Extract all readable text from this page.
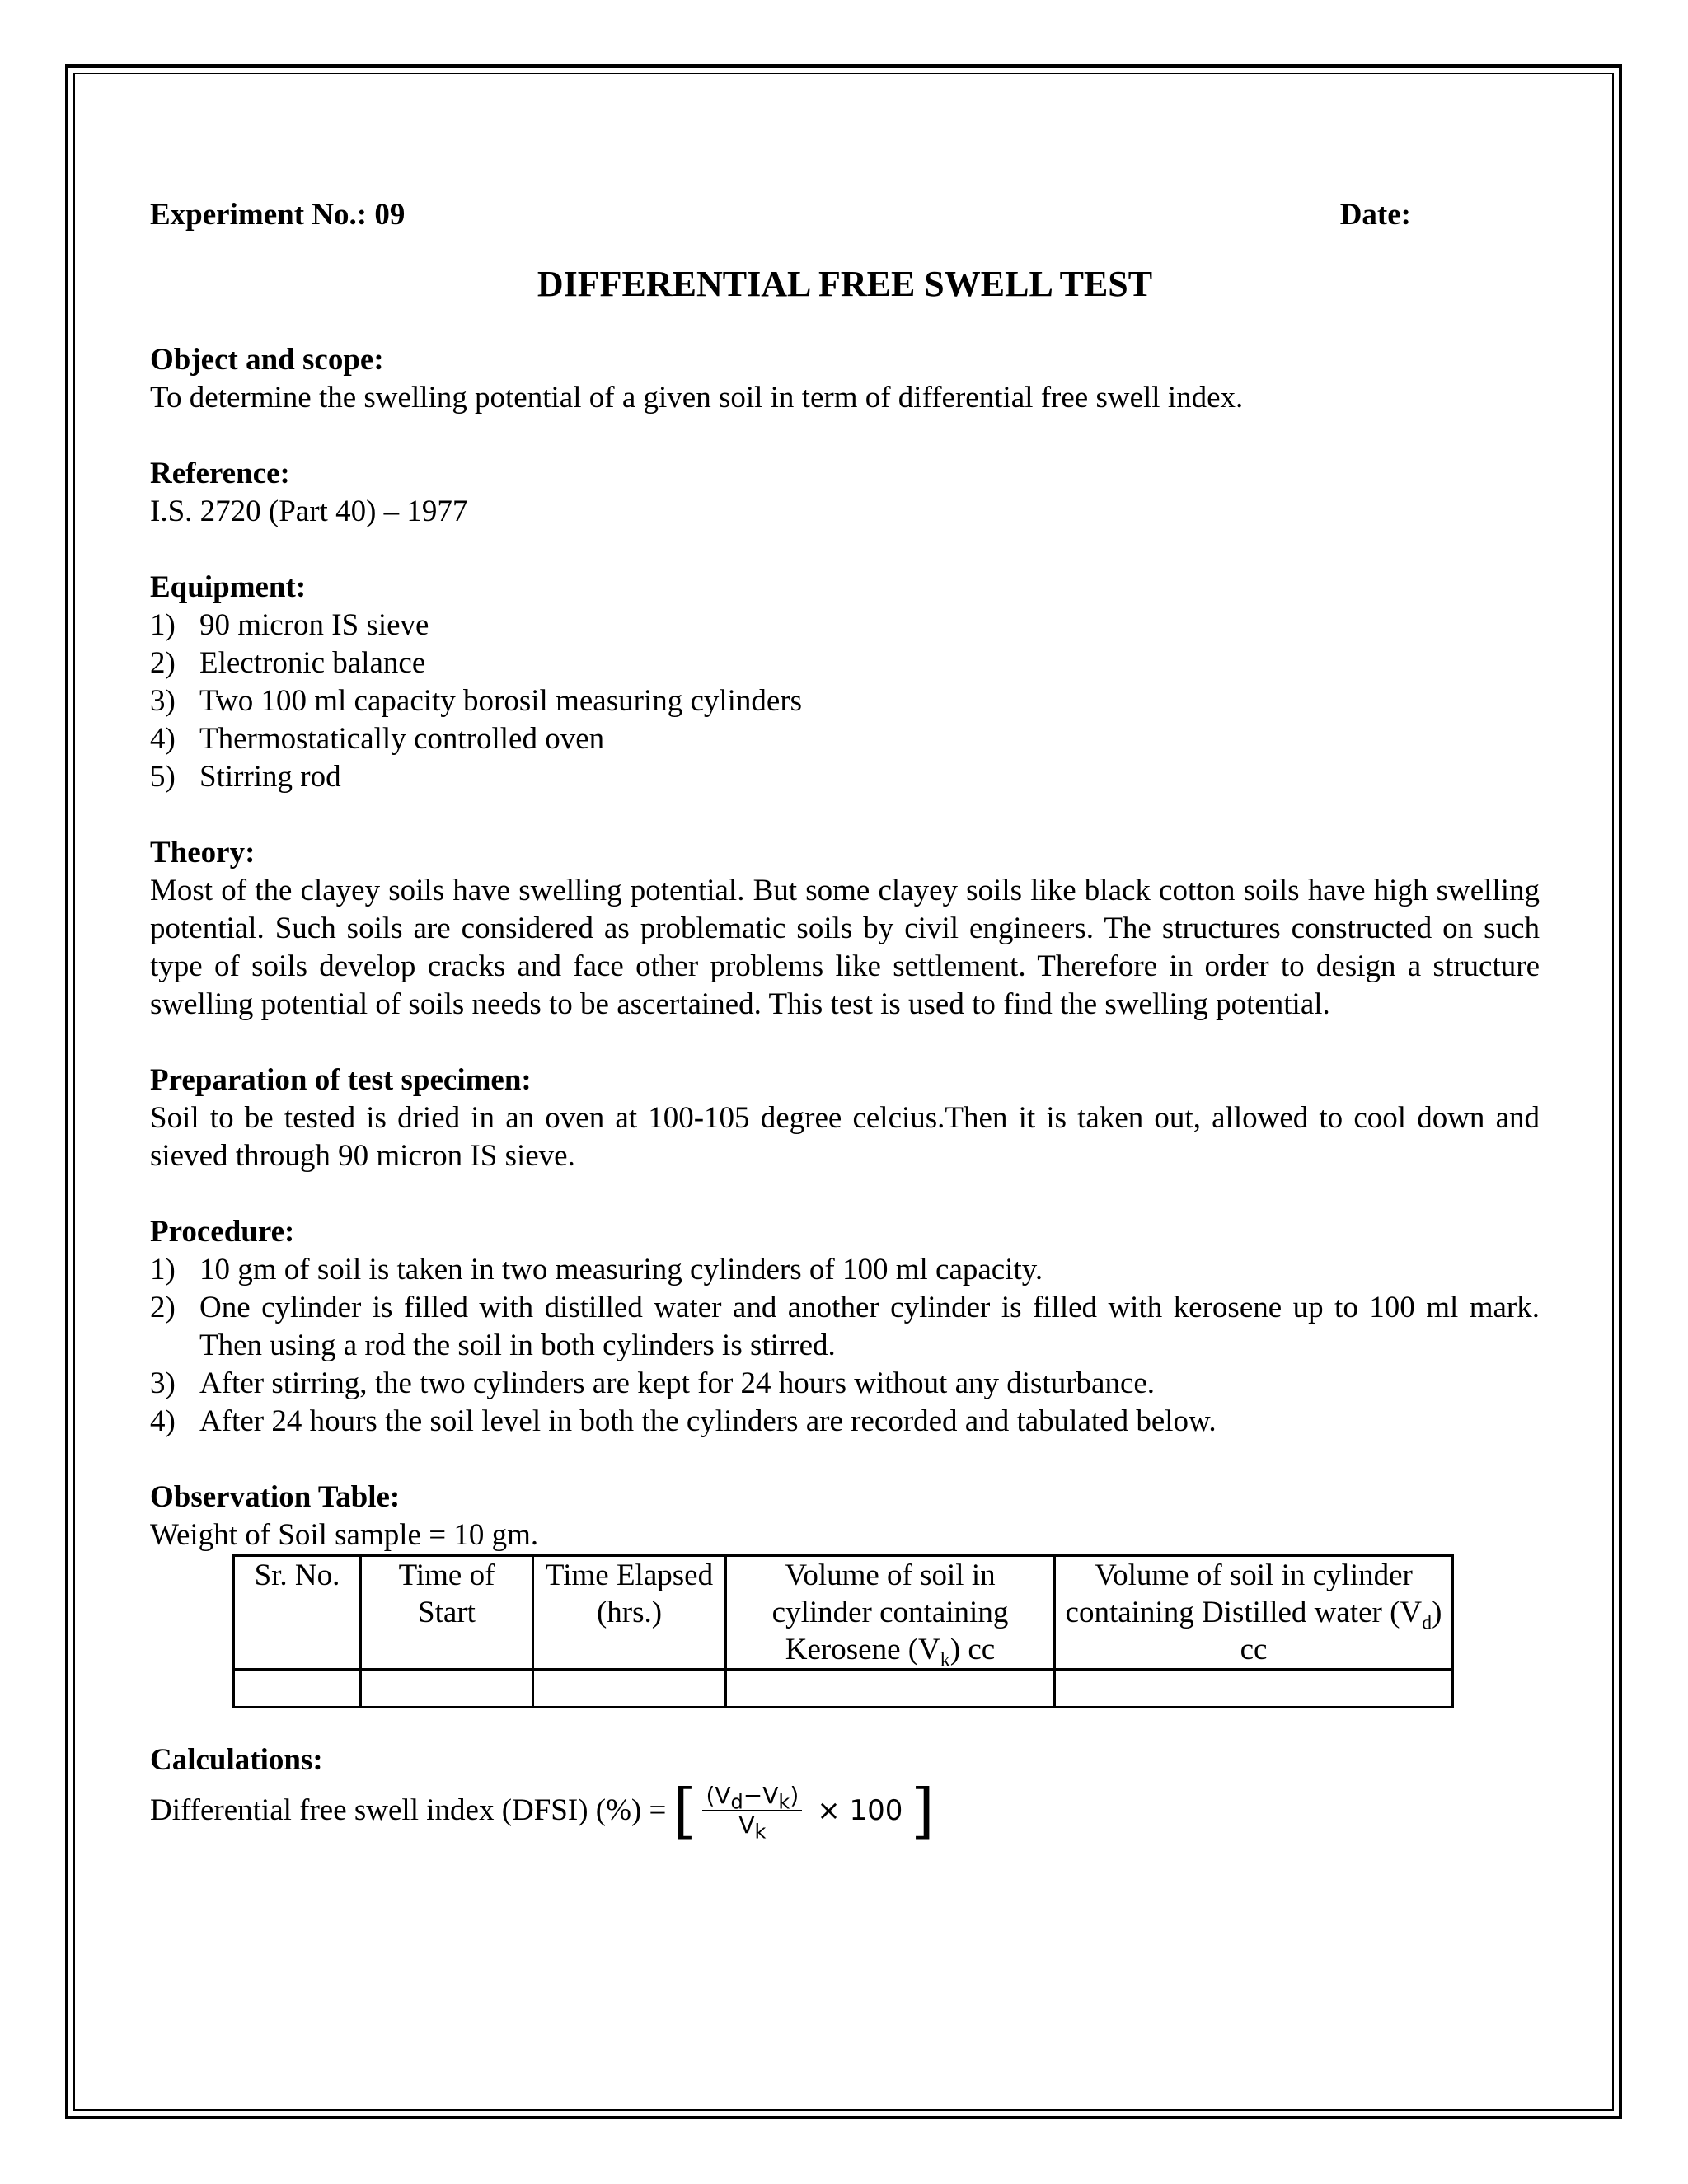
Experiment No.: 09	Date:
DIFFERENTIAL FREE SWELL TEST
Object and scope:

To determine the swelling potential of a given soil in term of differential free swell index.

Reference:

I.S. 2720 (Part 40) – 1977

Equipment:
1) 90 micron IS sieve
2) Electronic balance
3) Two 100 ml capacity borosil measuring cylinders
4) Thermostatically controlled oven
5) Stirring rod
Theory:

Most of the clayey soils have swelling potential. But some clayey soils like black cotton soils have high swelling potential. Such soils are considered as problematic soils by civil engineers. The structures constructed on such type of soils develop cracks and face other problems like settlement. Therefore in order to design a structure swelling potential of soils needs to be ascertained. This test is used to find the swelling potential.

Preparation of test specimen:

Soil to be tested is dried in an oven at 100-105 degree celcius.Then it is taken out, allowed to cool down and sieved through 90 micron IS sieve.

Procedure:
1) 10 gm of soil is taken in two measuring cylinders of 100 ml capacity.
2) One cylinder is filled with distilled water and another cylinder is filled with kerosene up to 100 ml mark. Then using a rod the soil in both cylinders is stirred.
3) After stirring, the two cylinders are kept for 24 hours without any disturbance.
4) After 24 hours the soil level in both the cylinders are recorded and tabulated below.
Observation Table:

Weight of Soil sample = 10 gm.

Sr. No.	Time of Start	Time Elapsed (hrs.)	Volume of soil in cylinder containing Kerosene $(V_k)$ cc	Volume of soil in cylinder containing Distilled water $(V_d)$ cc

Calculations:
Differential free swell index (DFSI) (%) = [ $\frac{(V_d-V_k)}{V_k} \times 100$ ]
